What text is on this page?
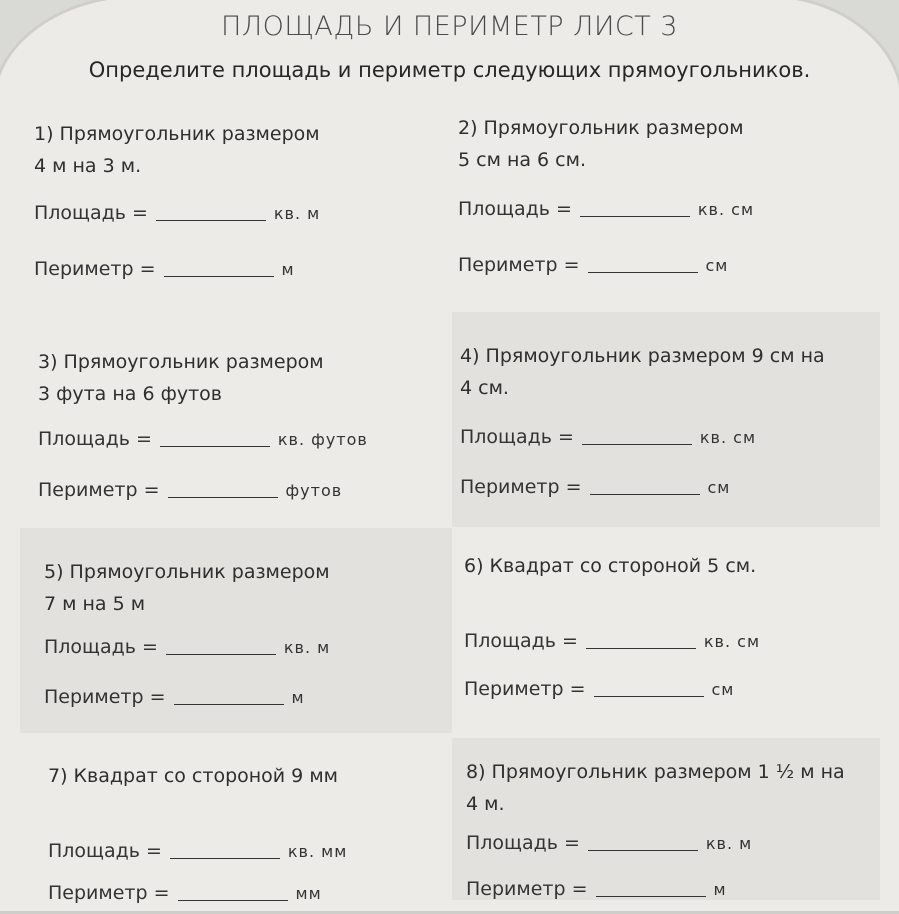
ПЛОЩАДЬ И ПЕРИМЕТР ЛИСТ 3
Определите площадь и периметр следующих прямоугольников.
1) Прямоугольник размером
4 м на 3 м.
Площадь =	кв. м
Периметр =	м
2) Прямоугольник размером
5 см на 6 см.
Площадь =	кв. см
Периметр =	см
3) Прямоугольник размером
3 фута на 6 футов
Площадь =	кв. футов
Периметр =	футов
4) Прямоугольник размером 9 см на
4 см.
Площадь =	кв. см
Периметр =	см
5) Прямоугольник размером
7 м на 5 м
Площадь =	кв. м
Периметр =	м
6) Квадрат со стороной 5 см.
Площадь =	кв. см
Периметр =	см
7) Квадрат со стороной 9 мм
Площадь =	кв. мм
Периметр =	мм
8) Прямоугольник размером 1 ½ м на
4 м.
Площадь =	кв. м
Периметр =	м
